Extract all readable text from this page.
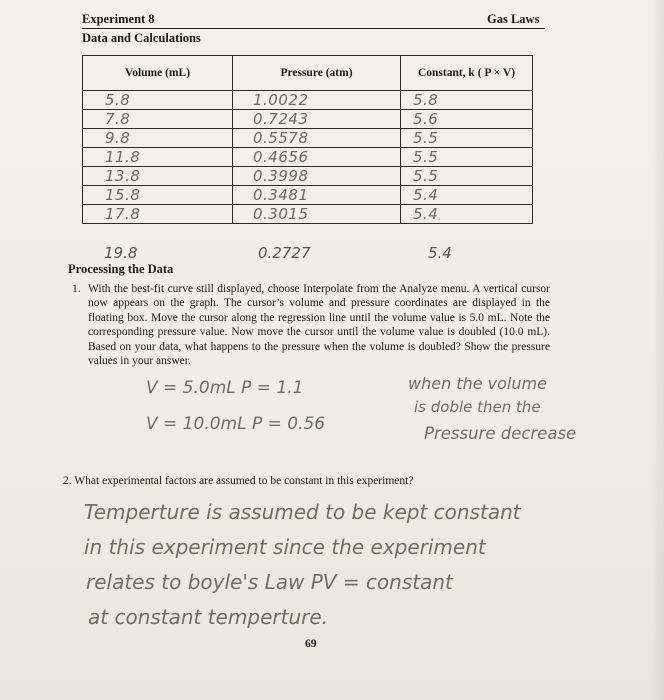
Experiment 8	Gas Laws
Data and Calculations
Volume (mL)	Pressure (atm)	Constant, k ( P × V)
5.8	1.0022	5.8
7.8	0.7243	5.6
9.8	0.5578	5.5
11.8	0.4656	5.5
13.8	0.3998	5.5
15.8	0.3481	5.4
17.8	0.3015	5.4
19.8	0.2727	5.4
Processing the Data
1. With the best-fit curve still displayed, choose Interpolate from the Analyze menu. A vertical cursor now appears on the graph. The cursor’s volume and pressure coordinates are displayed in the floating box. Move the cursor along the regression line until the volume value is 5.0 mL. Note the corresponding pressure value. Now move the cursor until the volume value is doubled (10.0 mL). Based on your data, what happens to the pressure when the volume is doubled? Show the pressure values in your answer.
V = 5.0mL P = 1.1
V = 10.0mL P = 0.56
when the volume
is doble then the
Pressure decrease
2. What experimental factors are assumed to be constant in this experiment?
Temperture is assumed to be kept constant
in this experiment since the experiment
relates to boyle's Law PV = constant
at constant temperture.
69
